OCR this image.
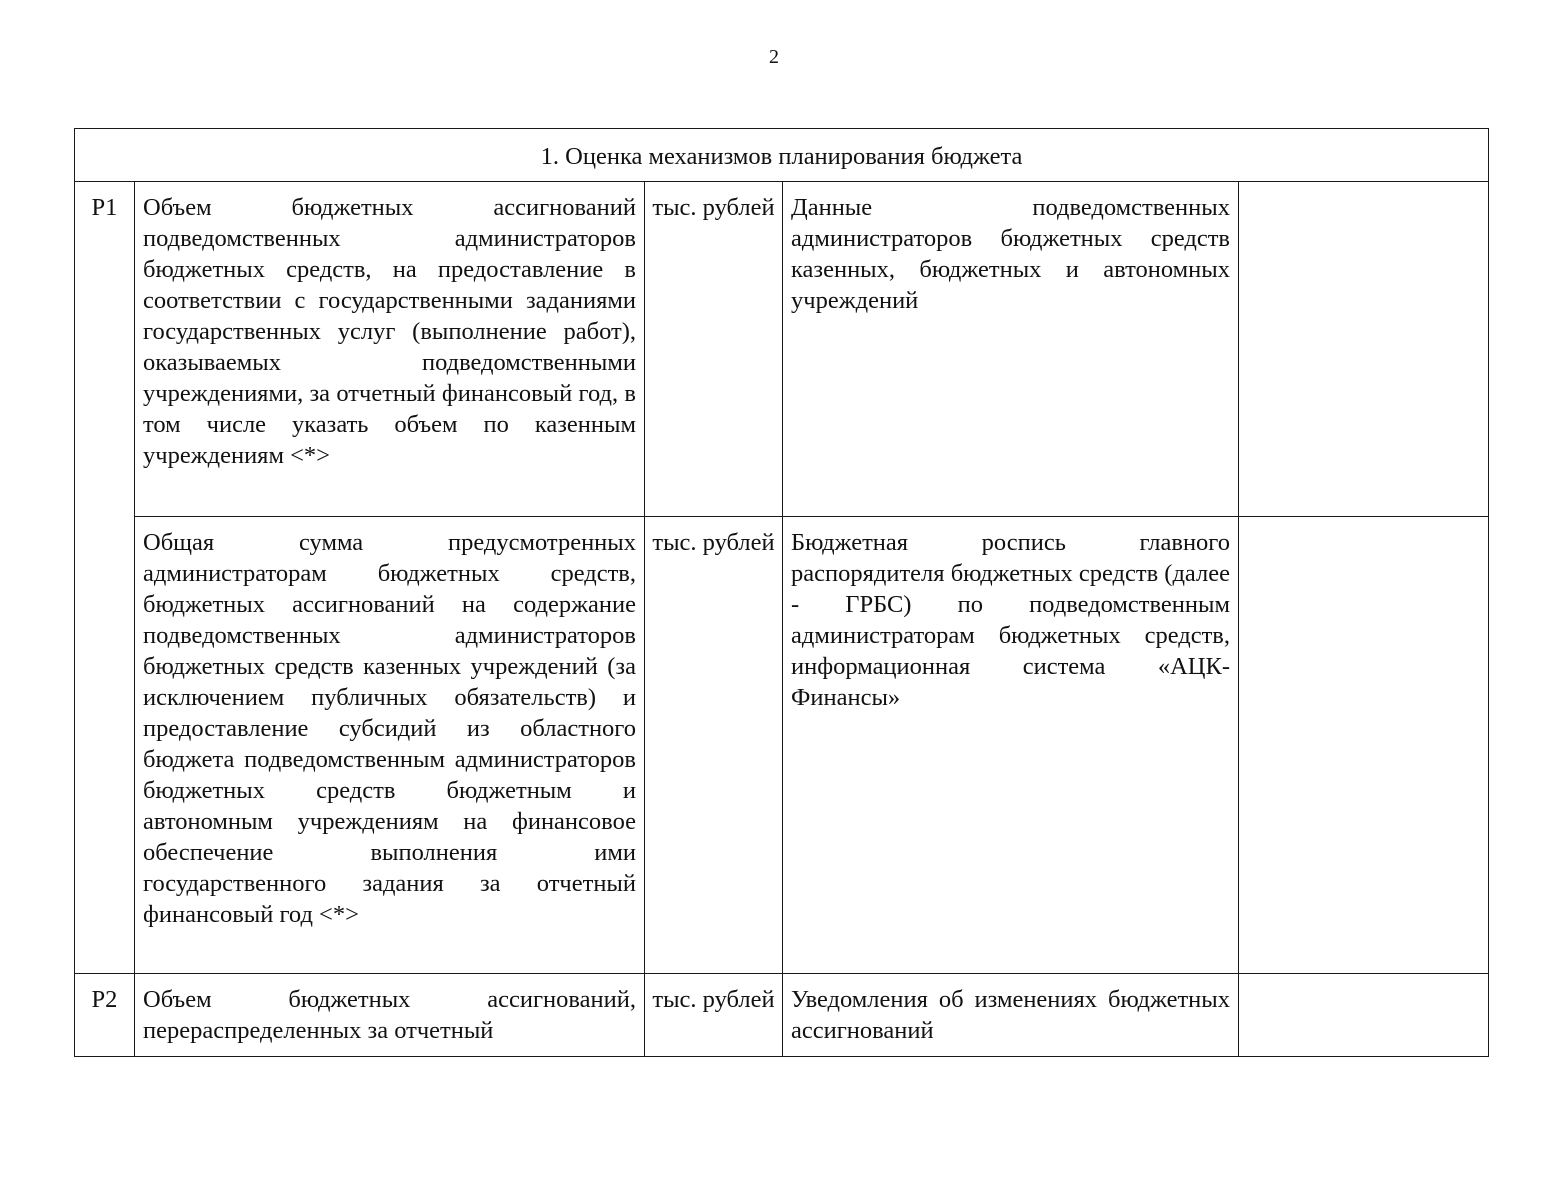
2
1. Оценка механизмов планирования бюджета				
P1	Объем бюджетных ассигнований подведомственных администраторов бюджетных средств, на предоставление в соответствии с государственными заданиями государственных услуг (выполнение работ), оказываемых подведомственными учреждениями, за отчетный финансовый год, в том числе указать объем по казенным учреждениям <*>	тыс. рублей	Данные подведомственных администраторов бюджетных средств казенных, бюджетных и автономных учреждений	
	Общая сумма предусмотренных администраторам бюджетных средств, бюджетных ассигнований на содержание подведомственных администраторов бюджетных средств казенных учреждений (за исключением публичных обязательств) и предоставление субсидий из областного бюджета подведомственным администраторов бюджетных средств бюджетным и автономным учреждениям на финансовое обеспечение выполнения ими государственного задания за отчетный финансовый год <*>	тыс. рублей	Бюджетная роспись главного распорядителя бюджетных средств (далее - ГРБС) по подведомственным администраторам бюджетных средств, информационная система «АЦК-Финансы»	
P2	Объем бюджетных ассигнований, перераспределенных за отчетный	тыс. рублей	Уведомления об изменениях бюджетных ассигнований	
